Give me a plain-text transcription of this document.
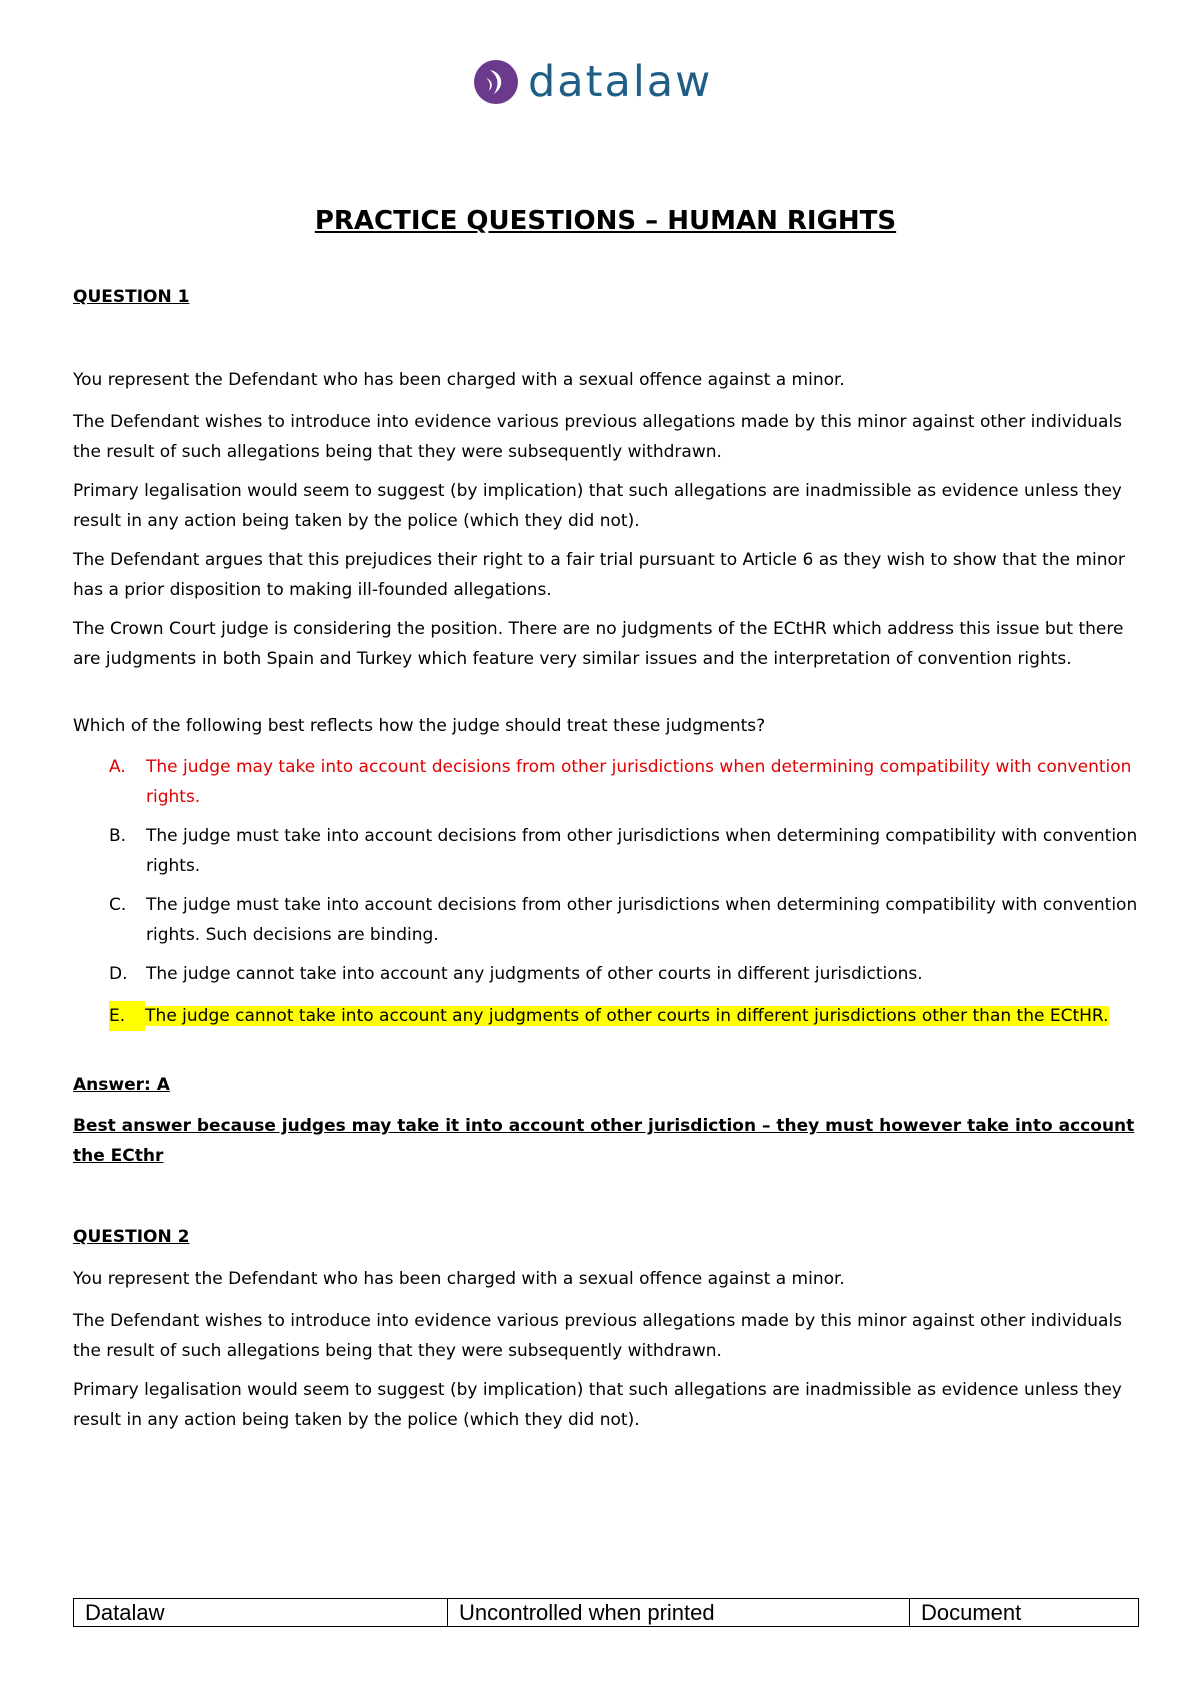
datalaw
PRACTICE QUESTIONS – HUMAN RIGHTS
QUESTION 1

You represent the Defendant who has been charged with a sexual offence against a minor.

The Defendant wishes to introduce into evidence various previous allegations made by this minor against other individuals the result of such allegations being that they were subsequently withdrawn.

Primary legalisation would seem to suggest (by implication) that such allegations are inadmissible as evidence unless they result in any action being taken by the police (which they did not).

The Defendant argues that this prejudices their right to a fair trial pursuant to Article 6 as they wish to show that the minor has a prior disposition to making ill-founded allegations.

The Crown Court judge is considering the position. There are no judgments of the ECtHR which address this issue but there are judgments in both Spain and Turkey which feature very similar issues and the interpretation of convention rights.

Which of the following best reflects how the judge should treat these judgments?

A.	The judge may take into account decisions from other jurisdictions when determining compatibility with convention rights.
B.	The judge must take into account decisions from other jurisdictions when determining compatibility with convention rights.
C.	The judge must take into account decisions from other jurisdictions when determining compatibility with convention rights. Such decisions are binding.
D.	The judge cannot take into account any judgments of other courts in different jurisdictions.
E.	The judge cannot take into account any judgments of other courts in different jurisdictions other than the ECtHR.
Answer: A
Best answer because judges may take it into account other jurisdiction – they must however take into account the ECthr
QUESTION 2

You represent the Defendant who has been charged with a sexual offence against a minor.

The Defendant wishes to introduce into evidence various previous allegations made by this minor against other individuals the result of such allegations being that they were subsequently withdrawn.

Primary legalisation would seem to suggest (by implication) that such allegations are inadmissible as evidence unless they result in any action being taken by the police (which they did not).

Datalaw	Uncontrolled when printed	Document
